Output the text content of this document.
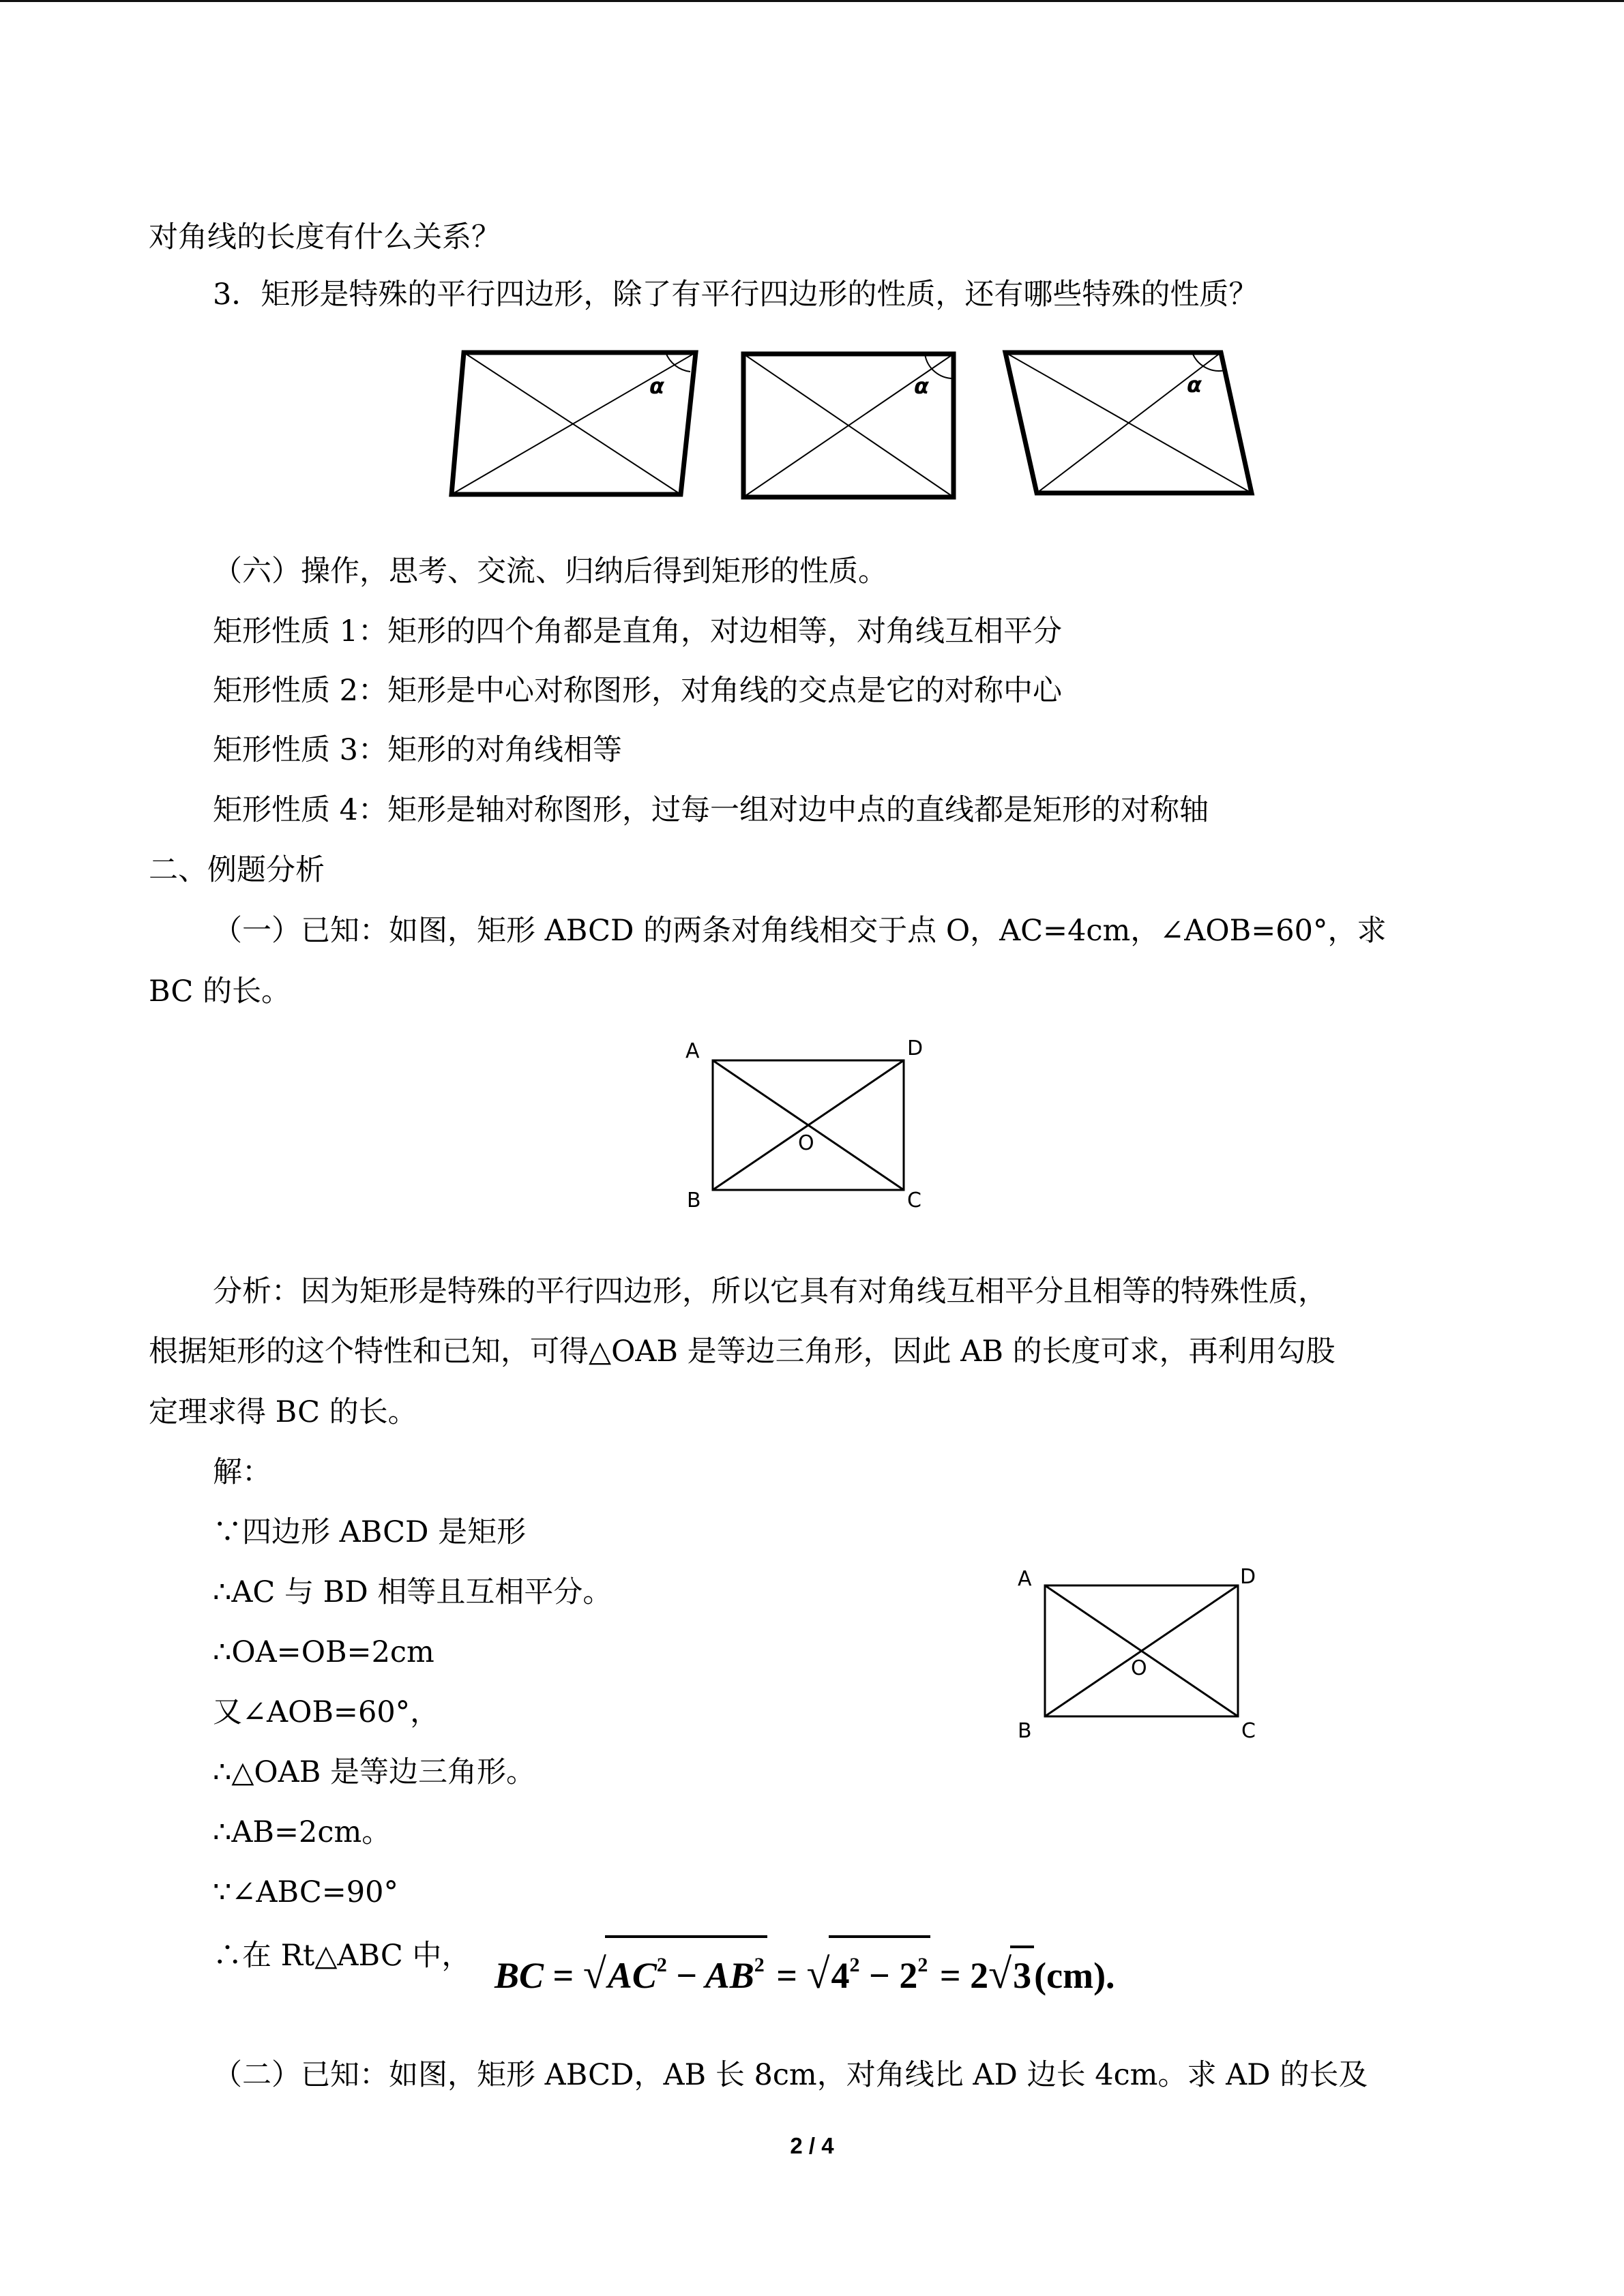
对角线的长度有什么关系？
3．矩形是特殊的平行四边形，除了有平行四边形的性质，还有哪些特殊的性质？
α	α	α
（六）操作，思考、交流、归纳后得到矩形的性质。
矩形性质 1：矩形的四个角都是直角，对边相等，对角线互相平分
矩形性质 2：矩形是中心对称图形，对角线的交点是它的对称中心
矩形性质 3：矩形的对角线相等
矩形性质 4：矩形是轴对称图形，过每一组对边中点的直线都是矩形的对称轴
二、例题分析
（一）已知：如图，矩形 ABCD 的两条对角线相交于点 O，AC=4cm，∠AOB=60°，求
BC 的长。
A	D
B	C
O
分析：因为矩形是特殊的平行四边形，所以它具有对角线互相平分且相等的特殊性质，
根据矩形的这个特性和已知，可得△OAB 是等边三角形，因此 AB 的长度可求，再利用勾股
定理求得 BC 的长。
解：
∵四边形 ABCD 是矩形
∴AC 与 BD 相等且互相平分。
∴OA=OB=2cm
又∠AOB=60°，
∴△OAB 是等边三角形。
∴AB=2cm。
∵∠ABC=90°
∴在 Rt△ABC 中，
A	D
B	C
O
BC = $√AC^2 - AB^2 = √4^2 - 2^2 = 2√3(cm)$.
（二）已知：如图，矩形 ABCD，AB 长 8cm，对角线比 AD 边长 4cm。求 AD 的长及
2 / 4
